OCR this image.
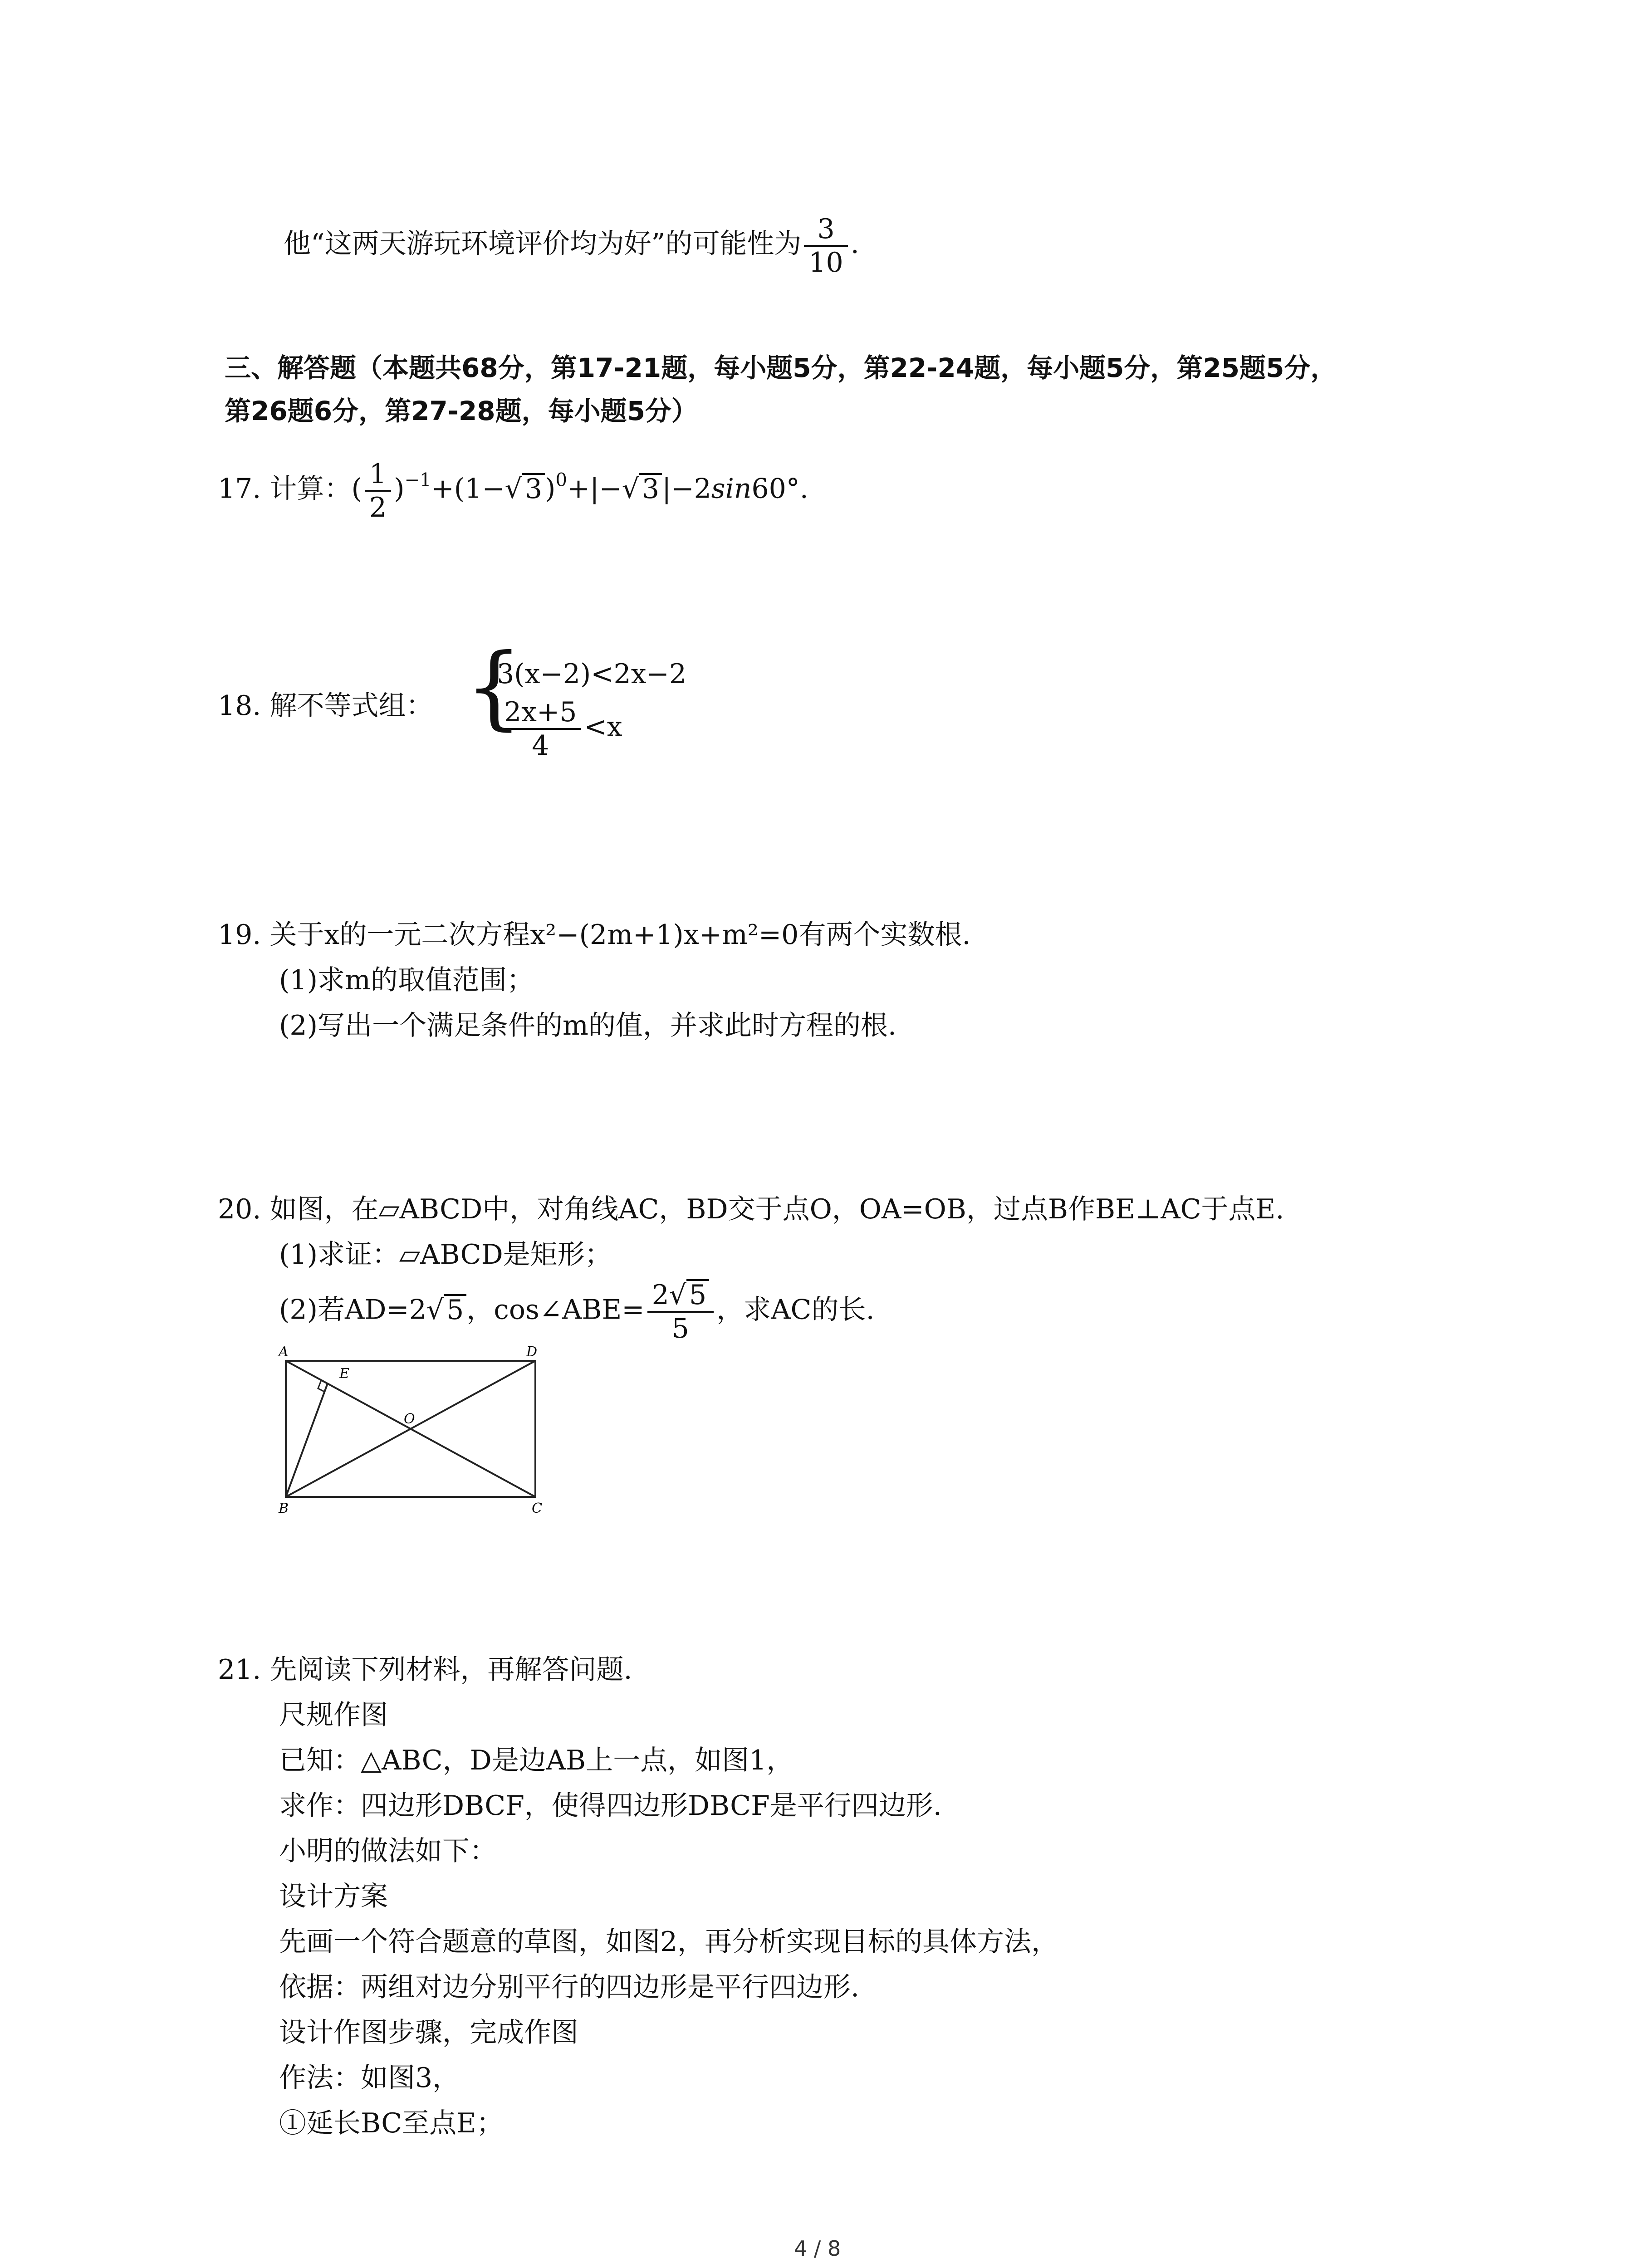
他“这两天游玩环境评价均为好”的可能性为 $\frac{3}{10}$ .
三、解答题（本题共68分，第17-21题，每小题5分，第22-24题，每小题5分，第25题5分，
第26题6分，第27-28题，每小题5分）
17. 计算：( $\frac{1}{2} )^{-1}+(1-√$ 3 )$^0$+|−√ 3 |−2sin60°.
18. 解不等式组： {
3(x−2)<2x−2
$\frac{2x+5}{4} <x$
19. 关于x的一元二次方程x²−(2m+1)x+m²=0有两个实数根.
(1)求m的取值范围；
(2)写出一个满足条件的m的值，并求此时方程的根.
20. 如图，在▱ABCD中，对角线AC，BD交于点O，OA=OB，过点B作BE⊥AC于点E.
(1)求证：▱ABCD是矩形；
(2)若AD=2√ 5 ，cos∠ABE= $\frac{2√ 5}{5}$ ，求AC的长.
A	D
B	C
E
O
21. 先阅读下列材料，再解答问题.
尺规作图
已知：△ABC，D是边AB上一点，如图1，
求作：四边形DBCF，使得四边形DBCF是平行四边形.
小明的做法如下：
设计方案
先画一个符合题意的草图，如图2，再分析实现目标的具体方法，
依据：两组对边分别平行的四边形是平行四边形.
设计作图步骤，完成作图
作法：如图3，
①延长BC至点E；
4 / 8
